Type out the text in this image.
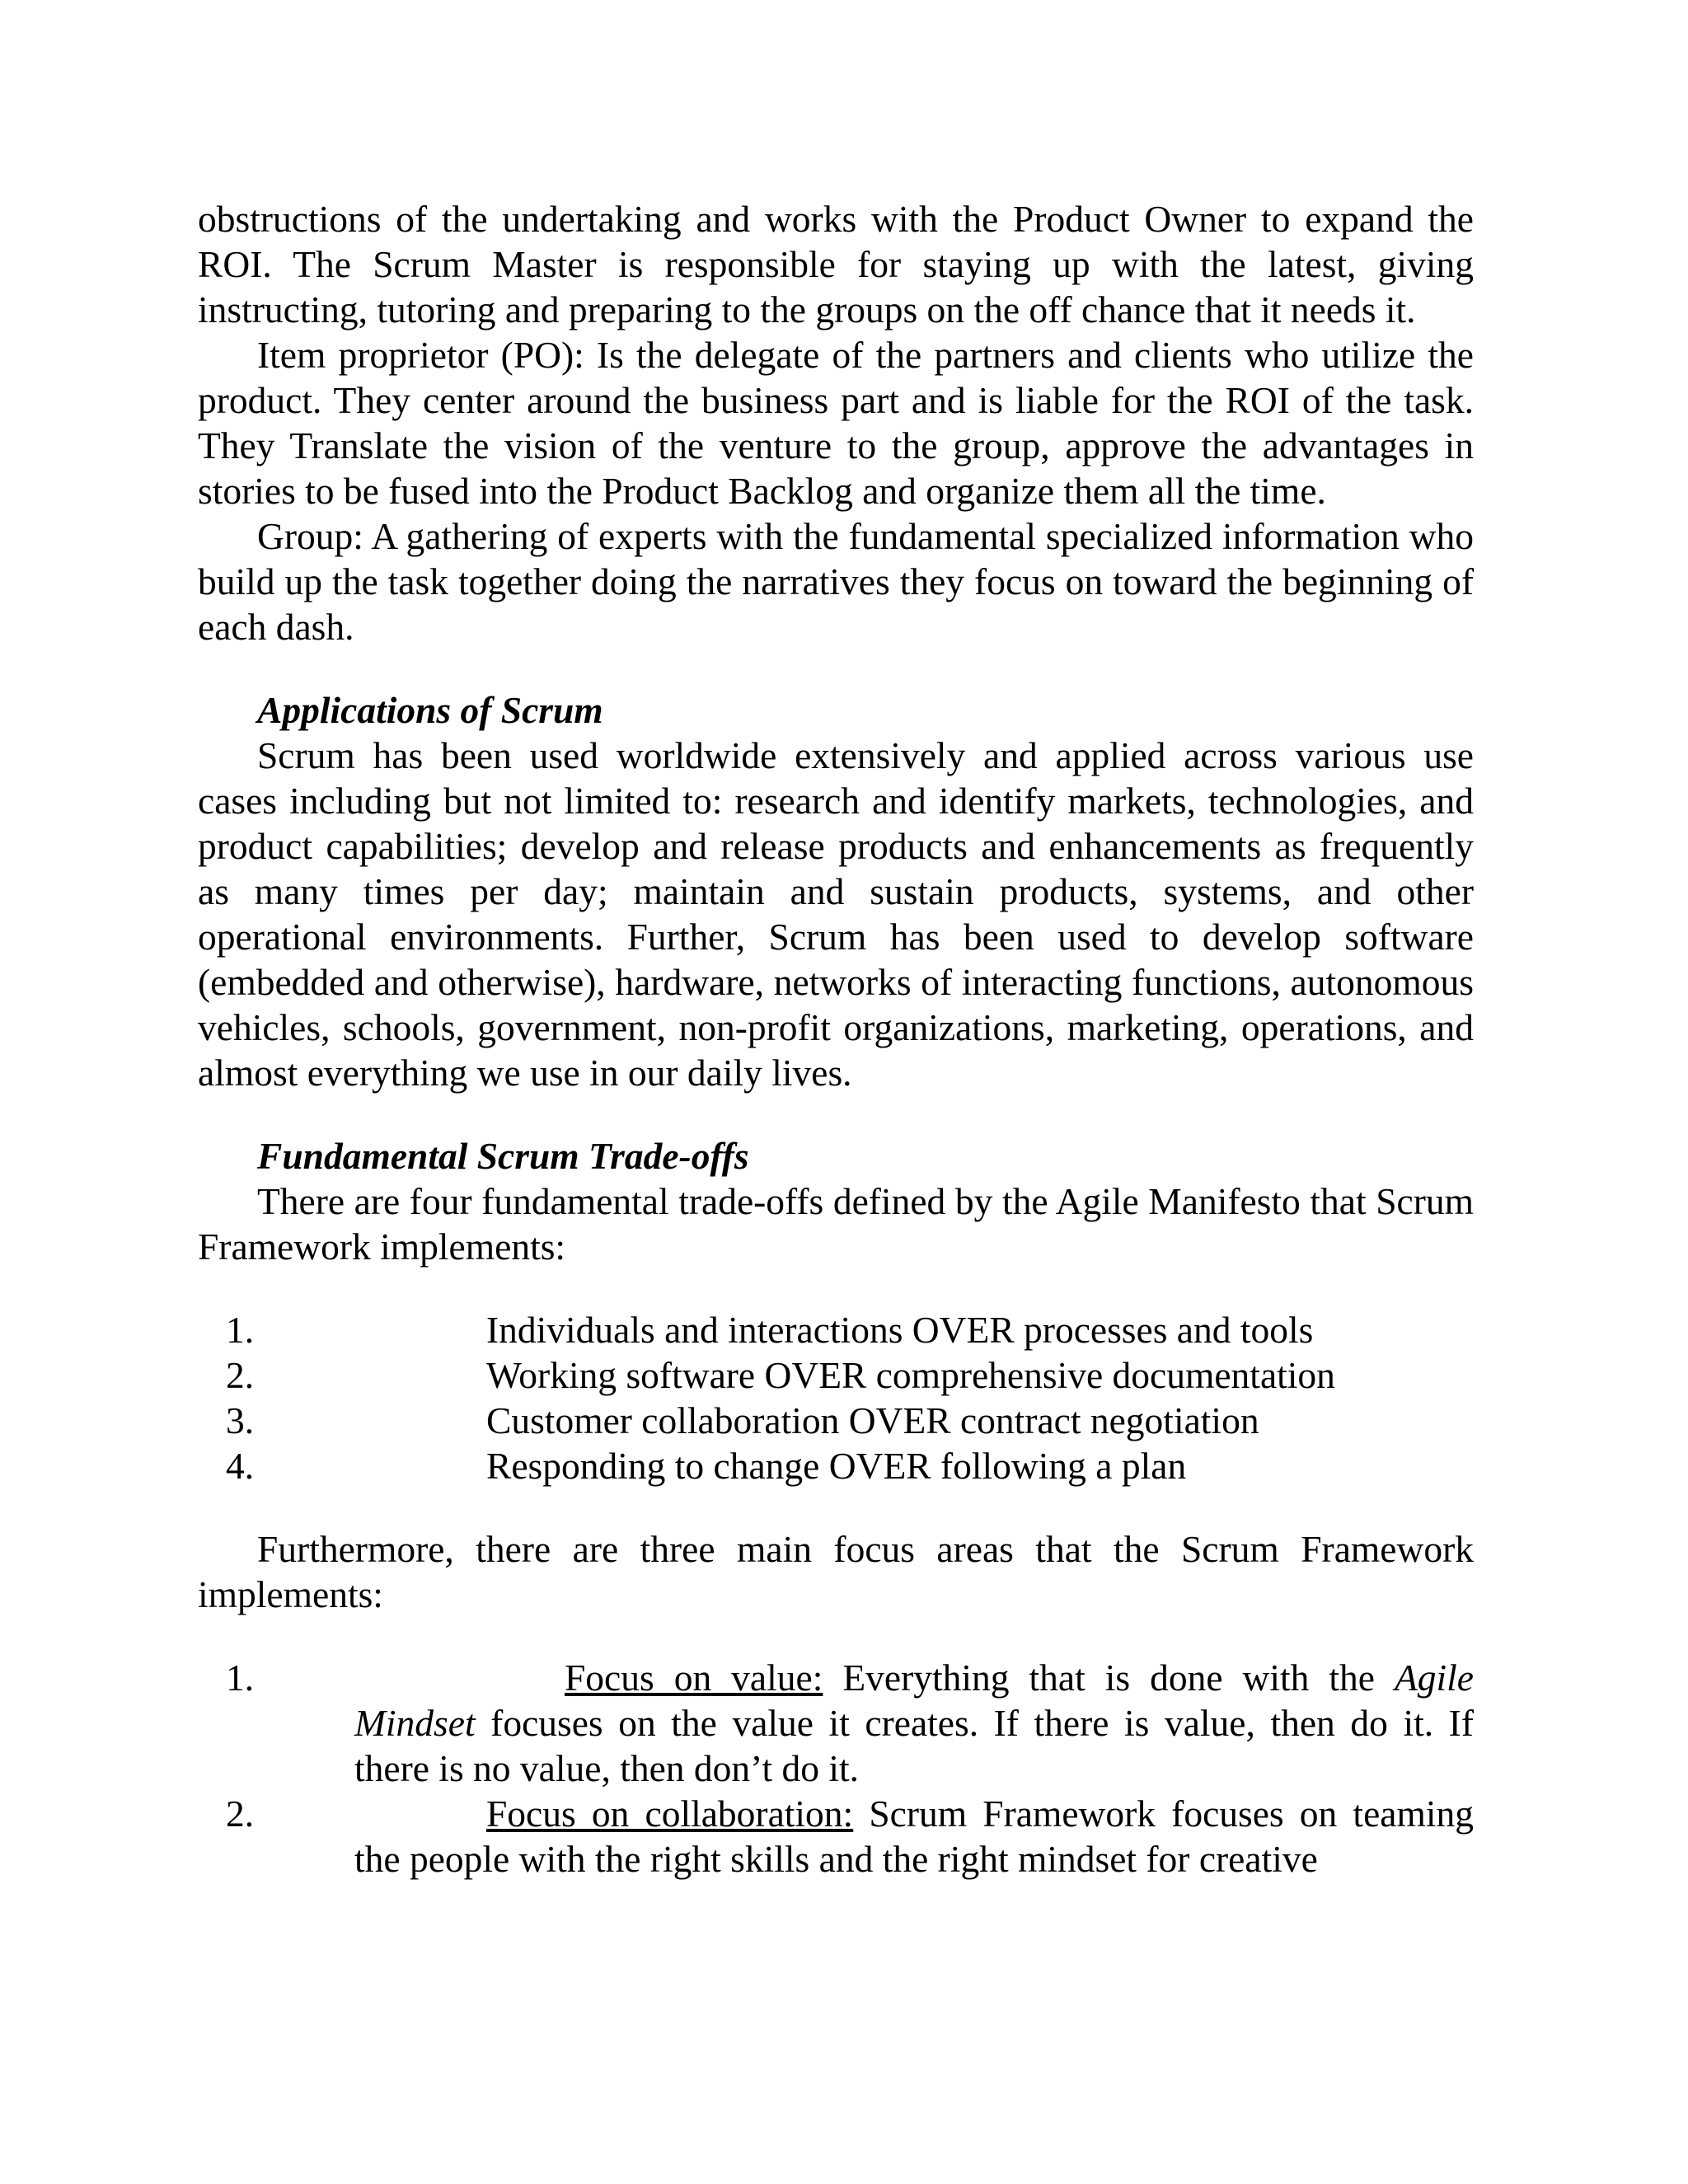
obstructions of the undertaking and works with the Product Owner to expand the ROI. The Scrum Master is responsible for staying up with the latest, giving instructing, tutoring and preparing to the groups on the off chance that it needs it.

Item proprietor (PO): Is the delegate of the partners and clients who utilize the product. They center around the business part and is liable for the ROI of the task. They Translate the vision of the venture to the group, approve the advantages in stories to be fused into the Product Backlog and organize them all the time.

Group: A gathering of experts with the fundamental specialized information who build up the task together doing the narratives they focus on toward the beginning of each dash.

Applications of Scrum

Scrum has been used worldwide extensively and applied across various use cases including but not limited to: research and identify markets, technologies, and product capabilities; develop and release products and enhancements as frequently as many times per day; maintain and sustain products, systems, and other operational environments. Further, Scrum has been used to develop software (embedded and otherwise), hardware, networks of interacting functions, autonomous vehicles, schools, government, non-profit organizations, marketing, operations, and almost everything we use in our daily lives.

Fundamental Scrum Trade-offs

There are four fundamental trade-offs defined by the Agile Manifesto that Scrum Framework implements:

1.	Individuals and interactions OVER processes and tools
2.	Working software OVER comprehensive documentation
3.	Customer collaboration OVER contract negotiation
4.	Responding to change OVER following a plan

Furthermore, there are three main focus areas that the Scrum Framework implements:

1.	Focus on value: Everything that is done with the Agile Mindset focuses on the value it creates. If there is value, then do it. If there is no value, then don’t do it.

2.	Focus on collaboration: Scrum Framework focuses on teaming the people with the right skills and the right mindset for creative
